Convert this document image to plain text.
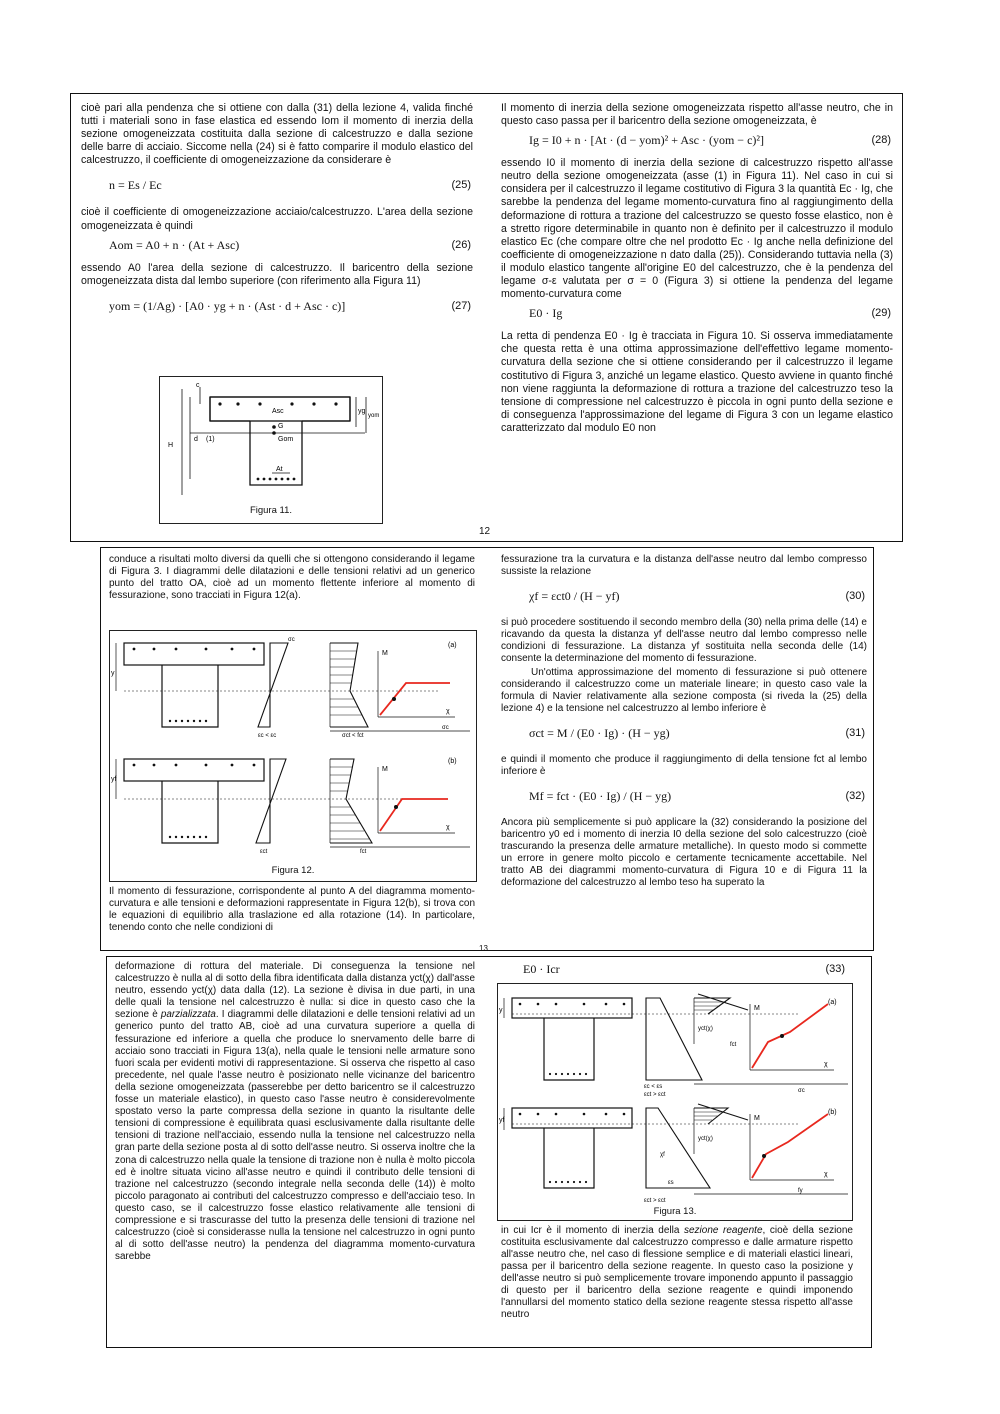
cioè pari alla pendenza che si ottiene con dalla (31) della lezione 4, valida finché tutti i materiali sono in fase elastica ed essendo Iom il momento di inerzia della sezione omogeneizzata costituita dalla sezione di calcestruzzo e dalla sezione delle barre di acciaio. Siccome nella (24) si è fatto comparire il modulo elastico del calcestruzzo, il coefficiente di omogeneizzazione da considerare è

n = Es / Ec	(25)

cioè il coefficiente di omogeneizzazione acciaio/calcestruzzo. L'area della sezione omogeneizzata è quindi

Aom = A0 + n · (At + Asc)	(26)

essendo A0 l'area della sezione di calcestruzzo. Il baricentro della sezione omogeneizzata dista dal lembo superiore (con riferimento alla Figura 11)

yom = (1/Ag) · [A0 · yg + n · (Ast · d + Asc · c)]	(27)
c
Asc	yg
yom
G
Gom
(1)
H
d
At
Figura 11.

Il momento di inerzia della sezione omogeneizzata rispetto all'asse neutro, che in questo caso passa per il baricentro della sezione omogeneizzata, è

Ig = I0 + n · [At · (d − yom)² + Asc · (yom − c)²]	(28)

essendo I0 il momento di inerzia della sezione di calcestruzzo rispetto all'asse neutro della sezione omogeneizzata (asse (1) in Figura 11). Nel caso in cui si considera per il calcestruzzo il legame costitutivo di Figura 3 la quantità Ec · Ig, che sarebbe la pendenza del legame momento-curvatura fino al raggiungimento della deformazione di rottura a trazione del calcestruzzo se questo fosse elastico, non è a stretto rigore determinabile in quanto non è definito per il calcestruzzo il modulo elastico Ec (che compare oltre che nel prodotto Ec · Ig anche nella definizione del coefficiente di omogeneizzazione n dato dalla (25)). Considerando tuttavia nella (3) il modulo elastico tangente all'origine E0 del calcestruzzo, che è la pendenza del legame σ-ε valutata per σ = 0 (Figura 3) si ottiene la pendenza del legame momento-curvatura come

E0 · Ig	(29)

La retta di pendenza E0 · Ig è tracciata in Figura 10. Si osserva immediatamente che questa retta è una ottima approssimazione dell'effettivo legame momento-curvatura della sezione che si ottiene considerando per il calcestruzzo il legame costitutivo di Figura 3, anziché un legame elastico. Questo avviene in quanto finché non viene raggiunta la deformazione di rottura a trazione del calcestruzzo teso la tensione di compressione nel calcestruzzo è piccola in ogni punto della sezione e di conseguenza l'approssimazione del legame di Figura 3 con un legame elastico caratterizzato dal modulo E0 non

12

conduce a risultati molto diversi da quelli che si ottengono considerando il legame di Figura 3. I diagrammi delle dilatazioni e delle tensioni relativi ad un generico punto del tratto OA, cioè ad un momento flettente inferiore al momento di fessurazione, sono tracciati in Figura 12(a).

y
(a)
M
χ
σc
εc < εc	σct < fct
σc
yf
(b)
M
χ
εct	fct
Figura 12.

Il momento di fessurazione, corrispondente al punto A del diagramma momento-curvatura e alle tensioni e deformazioni rappresentate in Figura 12(b), si trova con le equazioni di equilibrio alla traslazione ed alla rotazione (14). In particolare, tenendo conto che nelle condizioni di

fessurazione tra la curvatura e la distanza dell'asse neutro dal lembo compresso sussiste la relazione

χf = εct0 / (H − yf)	(30)

si può procedere sostituendo il secondo membro della (30) nella prima delle (14) e ricavando da questa la distanza yf dell'asse neutro dal lembo compresso nelle condizioni di fessurazione. La distanza yf sostituita nella seconda delle (14) consente la determinazione del momento di fessurazione.

Un'ottima approssimazione del momento di fessurazione si può ottenere considerando il calcestruzzo come un materiale lineare; in questo caso vale la formula di Navier relativamente alla sezione composta (si riveda la (25) della lezione 4) e la tensione nel calcestruzzo al lembo inferiore è

σct = M / (E0 · Ig) · (H − yg)	(31)

e quindi il momento che produce il raggiungimento di della tensione fct al lembo inferiore è

Mf = fct · (E0 · Ig) / (H − yg)	(32)

Ancora più semplicemente si può applicare la (32) considerando la posizione del baricentro y0 ed i momento di inerzia I0 della sezione del solo calcestruzzo (cioè trascurando la presenza delle armature metalliche). In questo modo si commette un errore in genere molto piccolo e certamente tecnicamente accettabile. Nel tratto AB dei diagrammi momento-curvatura di Figura 10 e di Figura 11 la deformazione del calcestruzzo al lembo teso ha superato la

13

deformazione di rottura del materiale. Di conseguenza la tensione nel calcestruzzo è nulla al di sotto della fibra identificata dalla distanza yct(χ) dall'asse neutro, essendo yct(χ) data dalla (12). La sezione è divisa in due parti, in una delle quali la tensione nel calcestruzzo è nulla: si dice in questo caso che la sezione è parzializzata. I diagrammi delle dilatazioni e delle tensioni relativi ad un generico punto del tratto AB, cioè ad una curvatura superiore a quella di fessurazione ed inferiore a quella che produce lo snervamento delle barre di acciaio sono tracciati in Figura 13(a), nella quale le tensioni nelle armature sono fuori scala per evidenti motivi di rappresentazione. Si osserva che rispetto al caso precedente, nel quale l'asse neutro è posizionato nelle vicinanze del baricentro della sezione omogeneizzata (passerebbe per detto baricentro se il calcestruzzo fosse un materiale elastico), in questo caso l'asse neutro è considerevolmente spostato verso la parte compressa della sezione in quanto la risultante delle tensioni di compressione è equilibrata quasi esclusivamente dalla risultante delle tensioni di trazione nell'acciaio, essendo nulla la tensione nel calcestruzzo nella gran parte della sezione posta al di sotto dell'asse neutro. Si osserva inoltre che la zona di calcestruzzo nella quale la tensione di trazione non è nulla è molto piccola ed è inoltre situata vicino all'asse neutro e quindi il contributo delle tensioni di trazione nel calcestruzzo (secondo integrale nella seconda delle (14)) è molto piccolo paragonato ai contributi del calcestruzzo compresso e dell'acciaio teso. In questo caso, se il calcestruzzo fosse elastico relativamente alle tensioni di compressione e si trascurasse del tutto la presenza delle tensioni di trazione nel calcestruzzo (cioè si considerasse nulla la tensione nel calcestruzzo in ogni punto al di sotto dell'asse neutro) la pendenza del diagramma momento-curvatura sarebbe

E0 · Icr	(33)
y
(a)
M
χ
yct(χ)
fct
εc < εs
εct > εct
σc
yf
(b)
M
χ
yct(χ)
χf
εs
fy
εct > εct
Figura 13.

in cui Icr è il momento di inerzia della sezione reagente, cioè della sezione costituita esclusivamente dal calcestruzzo compresso e dalle armature rispetto all'asse neutro che, nel caso di flessione semplice e di materiali elastici lineari, passa per il baricentro della sezione reagente. In questo caso la posizione y dell'asse neutro si può semplicemente trovare imponendo appunto il passaggio di questo per il baricentro della sezione reagente e quindi imponendo l'annullarsi del momento statico della sezione reagente stessa rispetto all'asse neutro
